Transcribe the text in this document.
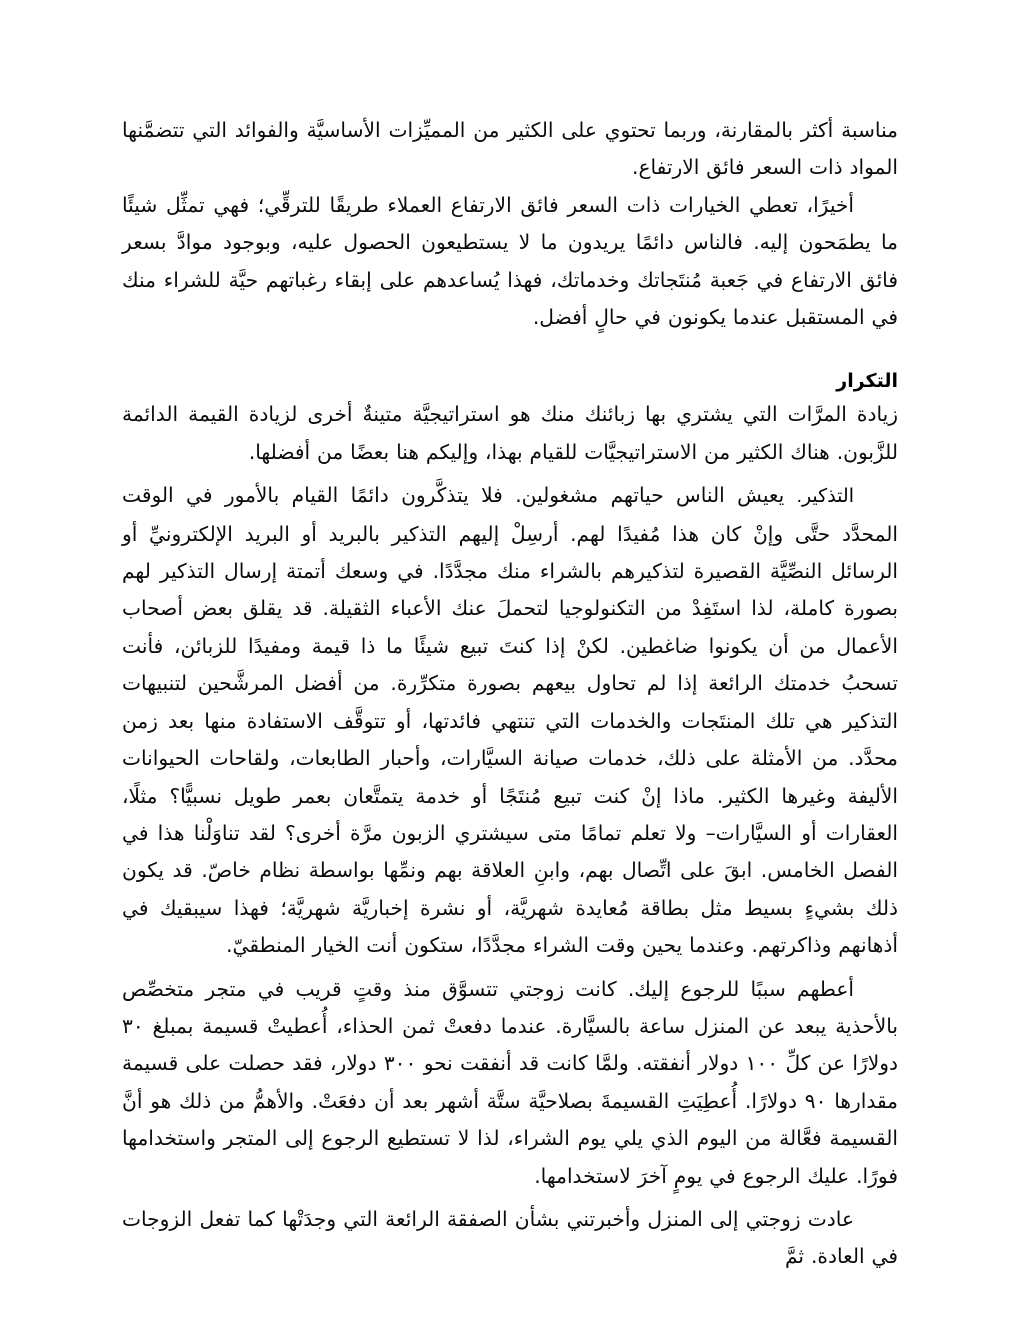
مناسبة أكثر بالمقارنة، وربما تحتوي على الكثير من المميِّزات الأساسيَّة والفوائد التي تتضمَّنها المواد ذات السعر فائق الارتفاع.

أخيرًا، تعطي الخيارات ذات السعر فائق الارتفاع العملاء طريقًا للترقِّي؛ فهي تمثِّل شيئًا ما يطمَحون إليه. فالناس دائمًا يريدون ما لا يستطيعون الحصول عليه، وبوجود موادَّ بسعر فائق الارتفاع في جَعبة مُنتَجاتك وخدماتك، فهذا يُساعدهم على إبقاء رغباتهم حيَّة للشراء منك في المستقبل عندما يكونون في حالٍ أفضل.

التكرار

زيادة المرَّات التي يشتري بها زبائنك منك هو استراتيجيَّة متينةٌ أخرى لزيادة القيمة الدائمة للزَّبون. هناك الكثير من الاستراتيجيَّات للقيام بهذا، وإليكم هنا بعضًا من أفضلها.

التذكير. يعيش الناس حياتهم مشغولين. فلا يتذكَّرون دائمًا القيام بالأمور في الوقت المحدَّد حتَّى وإنْ كان هذا مُفيدًا لهم. أرسِلْ إليهم التذكير بالبريد أو البريد الإلكترونيِّ أو الرسائل النصِّيَّة القصيرة لتذكيرهم بالشراء منك مجدَّدًا. في وسعك أتمتة إرسال التذكير لهم بصورة كاملة، لذا استَفِدْ من التكنولوجيا لتحملَ عنك الأعباء الثقيلة. قد يقلق بعض أصحاب الأعمال من أن يكونوا ضاغطين. لكنْ إذا كنتَ تبيع شيئًا ما ذا قيمة ومفيدًا للزبائن، فأنت تسحبُ خدمتك الرائعة إذا لم تحاول بيعهم بصورة متكرِّرة. من أفضل المرشَّحين لتنبيهات التذكير هي تلك المنتَجات والخدمات التي تنتهي فائدتها، أو تتوقَّف الاستفادة منها بعد زمن محدَّد. من الأمثلة على ذلك، خدمات صيانة السيَّارات، وأحبار الطابعات، ولقاحات الحيوانات الأليفة وغيرها الكثير. ماذا إنْ كنت تبيع مُنتَجًا أو خدمة يتمتَّعان بعمر طويل نسبيًّا؟ مثلًا، العقارات أو السيَّارات– ولا تعلم تمامًا متى سيشتري الزبون مرَّة أخرى؟ لقد تناوَلْنا هذا في الفصل الخامس. ابقَ على اتِّصال بهم، وابنِ العلاقة بهم ونمِّها بواسطة نظام خاصّ. قد يكون ذلك بشيءٍ بسيط مثل بطاقة مُعايدة شهريَّة، أو نشرة إخباريَّة شهريَّة؛ فهذا سيبقيك في أذهانهم وذاكرتهم. وعندما يحين وقت الشراء مجدَّدًا، ستكون أنت الخيار المنطقيّ.

أعطهم سببًا للرجوع إليك. كانت زوجتي تتسوَّق منذ وقتٍ قريب في متجر متخصِّص بالأحذية يبعد عن المنزل ساعة بالسيَّارة. عندما دفعتْ ثمن الحذاء، أُعطيتْ قسيمة بمبلغ ٣٠ دولارًا عن كلِّ ١٠٠ دولار أنفقته. ولمَّا كانت قد أنفقت نحو ٣٠٠ دولار، فقد حصلت على قسيمة مقدارها ٩٠ دولارًا. أُعطِيَتِ القسيمةَ بصلاحيَّة ستَّة أشهر بعد أن دفعَتْ. والأهمُّ من ذلك هو أنَّ القسيمة فعَّالة من اليوم الذي يلي يوم الشراء، لذا لا تستطيع الرجوع إلى المتجر واستخدامها فورًا. عليك الرجوع في يومٍ آخرَ لاستخدامها.

عادت زوجتي إلى المنزل وأخبرتني بشأن الصفقة الرائعة التي وجدَتْها كما تفعل الزوجات في العادة. ثمَّ
